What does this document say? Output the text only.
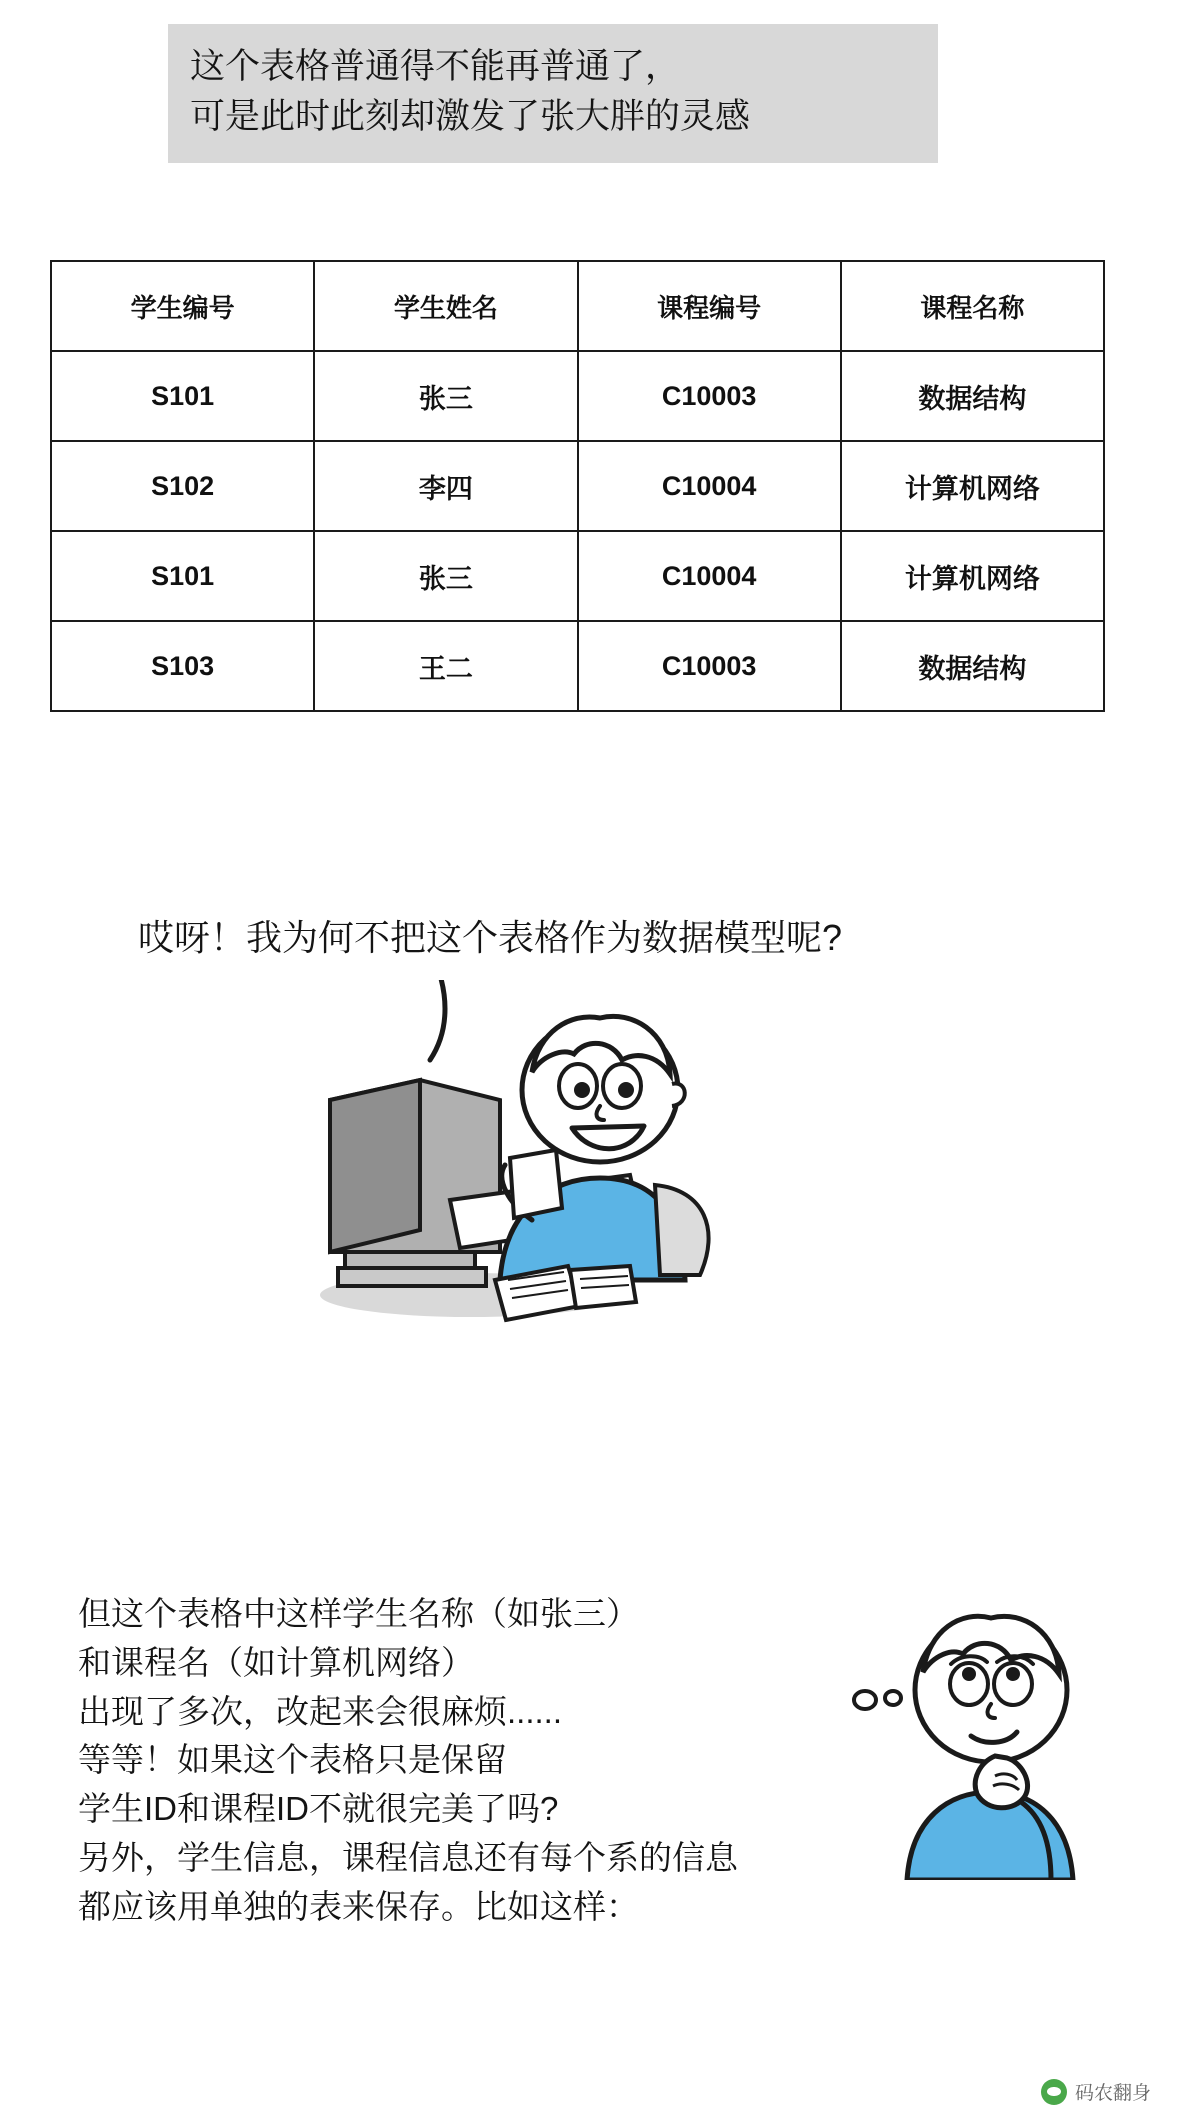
这个表格普通得不能再普通了，
可是此时此刻却激发了张大胖的灵感
学生编号	学生姓名	课程编号	课程名称
S101	张三	C10003	数据结构
S102	李四	C10004	计算机网络
S101	张三	C10004	计算机网络
S103	王二	C10003	数据结构
哎呀！我为何不把这个表格作为数据模型呢?
但这个表格中这样学生名称（如张三）
和课程名（如计算机网络）
出现了多次，改起来会很麻烦......
等等！如果这个表格只是保留
学生ID和课程ID不就很完美了吗?
另外，学生信息，课程信息还有每个系的信息
都应该用单独的表来保存。比如这样：
码农翻身
